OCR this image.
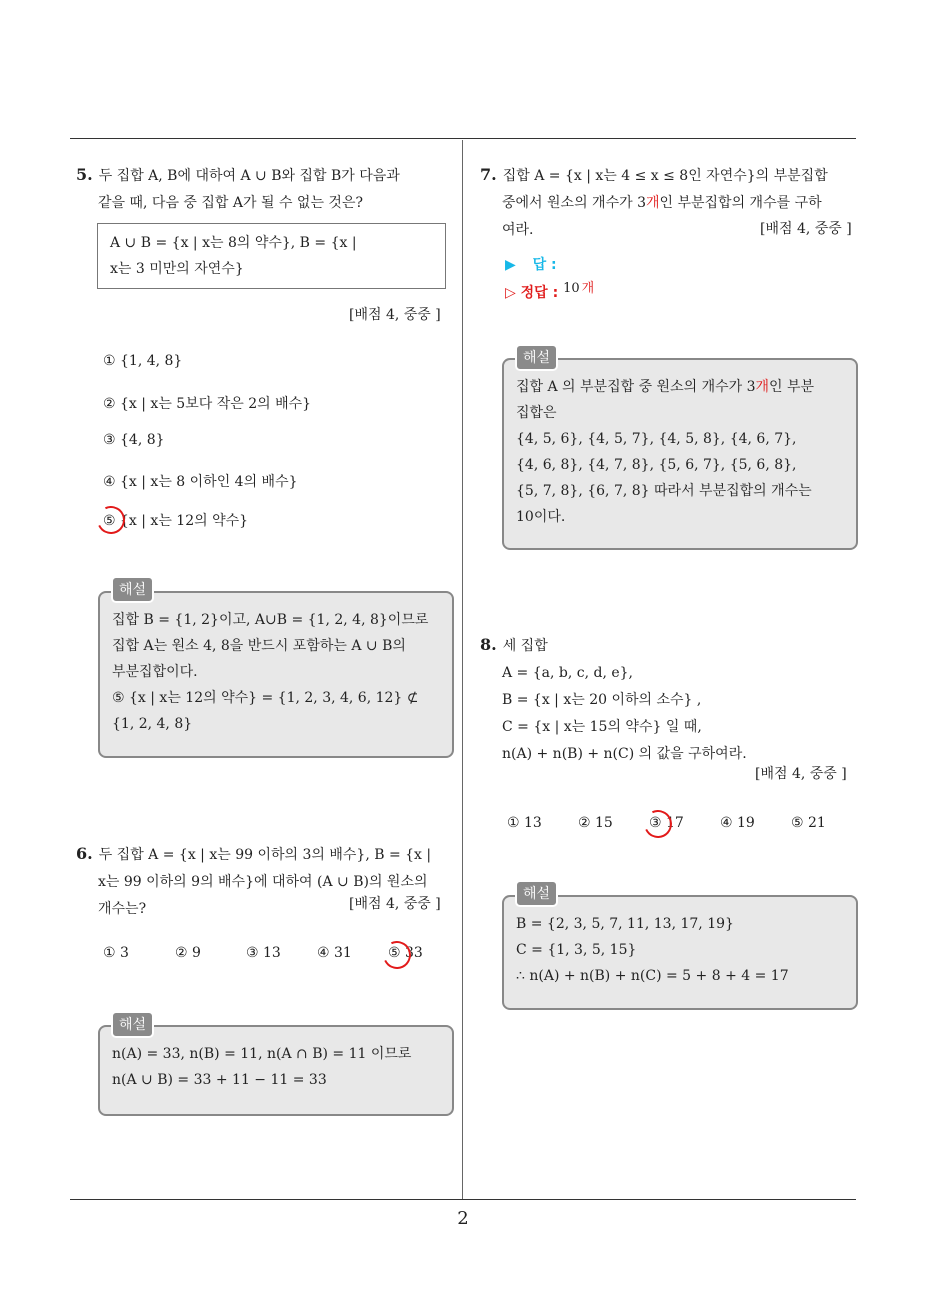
2
5. 두 집합 A, B에 대하여 A ∪ B와 집합 B가 다음과
같을 때, 다음 중 집합 A가 될 수 없는 것은?
A ∪ B = {x | x는 8의 약수}, B = {x |
x는 3 미만의 자연수}
[배점 4, 중중 ]
① {1, 4, 8}
② {x | x는 5보다 작은 2의 배수}
③ {4, 8}
④ {x | x는 8 이하인 4의 배수}
⑤ {x | x는 12의 약수}
집합 B = {1, 2}이고, A∪B = {1, 2, 4, 8}이므로
집합 A는 원소 4, 8을 반드시 포함하는 A ∪ B의
부분집합이다.
⑤ {x | x는 12의 약수} = {1, 2, 3, 4, 6, 12} ⊄
{1, 2, 4, 8}
해설
6. 두 집합 A = {x | x는 99 이하의 3의 배수}, B = {x |
x는 99 이하의 9의 배수}에 대하여 (A ∪ B)의 원소의
개수는?	[배점 4, 중중 ]
① 3	② 9	③ 13	④ 31	⑤ 33
n(A) = 33, n(B) = 11, n(A ∩ B) = 11 이므로
n(A ∪ B) = 33 + 11 − 11 = 33
해설
7. 집합 A = {x | x는 4 ≤ x ≤ 8인 자연수}의 부분집합
중에서 원소의 개수가 3개인 부분집합의 개수를 구하
여라.	[배점 4, 중중 ]
▶ 답 :
▷ 정답 : 10 개
집합 A 의 부분집합 중 원소의 개수가 3개인 부분
집합은
{4, 5, 6}, {4, 5, 7}, {4, 5, 8}, {4, 6, 7},
{4, 6, 8}, {4, 7, 8}, {5, 6, 7}, {5, 6, 8},
{5, 7, 8}, {6, 7, 8} 따라서 부분집합의 개수는
10이다.
해설
8. 세 집합
A = {a, b, c, d, e},
B = {x | x는 20 이하의 소수} ,
C = {x | x는 15의 약수} 일 때,
n(A) + n(B) + n(C) 의 값을 구하여라.
[배점 4, 중중 ]
① 13	② 15	③ 17	④ 19	⑤ 21
B = {2, 3, 5, 7, 11, 13, 17, 19}
C = {1, 3, 5, 15}
∴ n(A) + n(B) + n(C) = 5 + 8 + 4 = 17
해설
